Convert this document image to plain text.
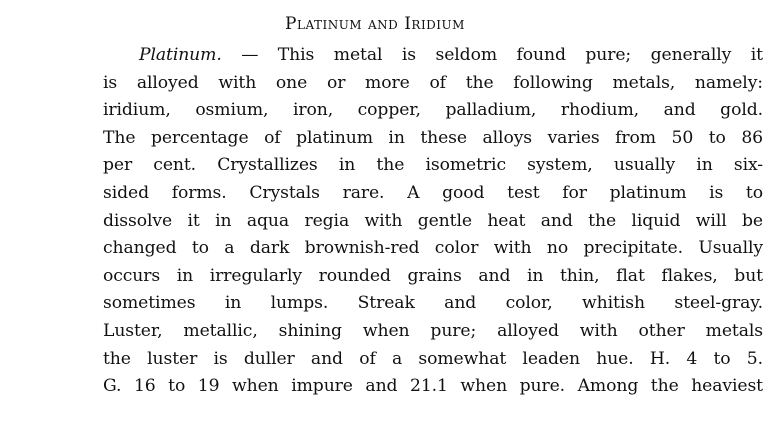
Platinum and Iridium
Platinum. — This metal is seldom found pure; generally it
is alloyed with one or more of the following metals, namely:
iridium, osmium, iron, copper, palladium, rhodium, and gold.
The percentage of platinum in these alloys varies from 50 to 86
per cent. Crystallizes in the isometric system, usually in six-
sided forms. Crystals rare. A good test for platinum is to
dissolve it in aqua regia with gentle heat and the liquid will be
changed to a dark brownish-red color with no precipitate. Usually
occurs in irregularly rounded grains and in thin, flat flakes, but
sometimes in lumps. Streak and color, whitish steel-gray.
Luster, metallic, shining when pure; alloyed with other metals
the luster is duller and of a somewhat leaden hue. H. 4 to 5.
G. 16 to 19 when impure and 21.1 when pure. Among the heaviest
